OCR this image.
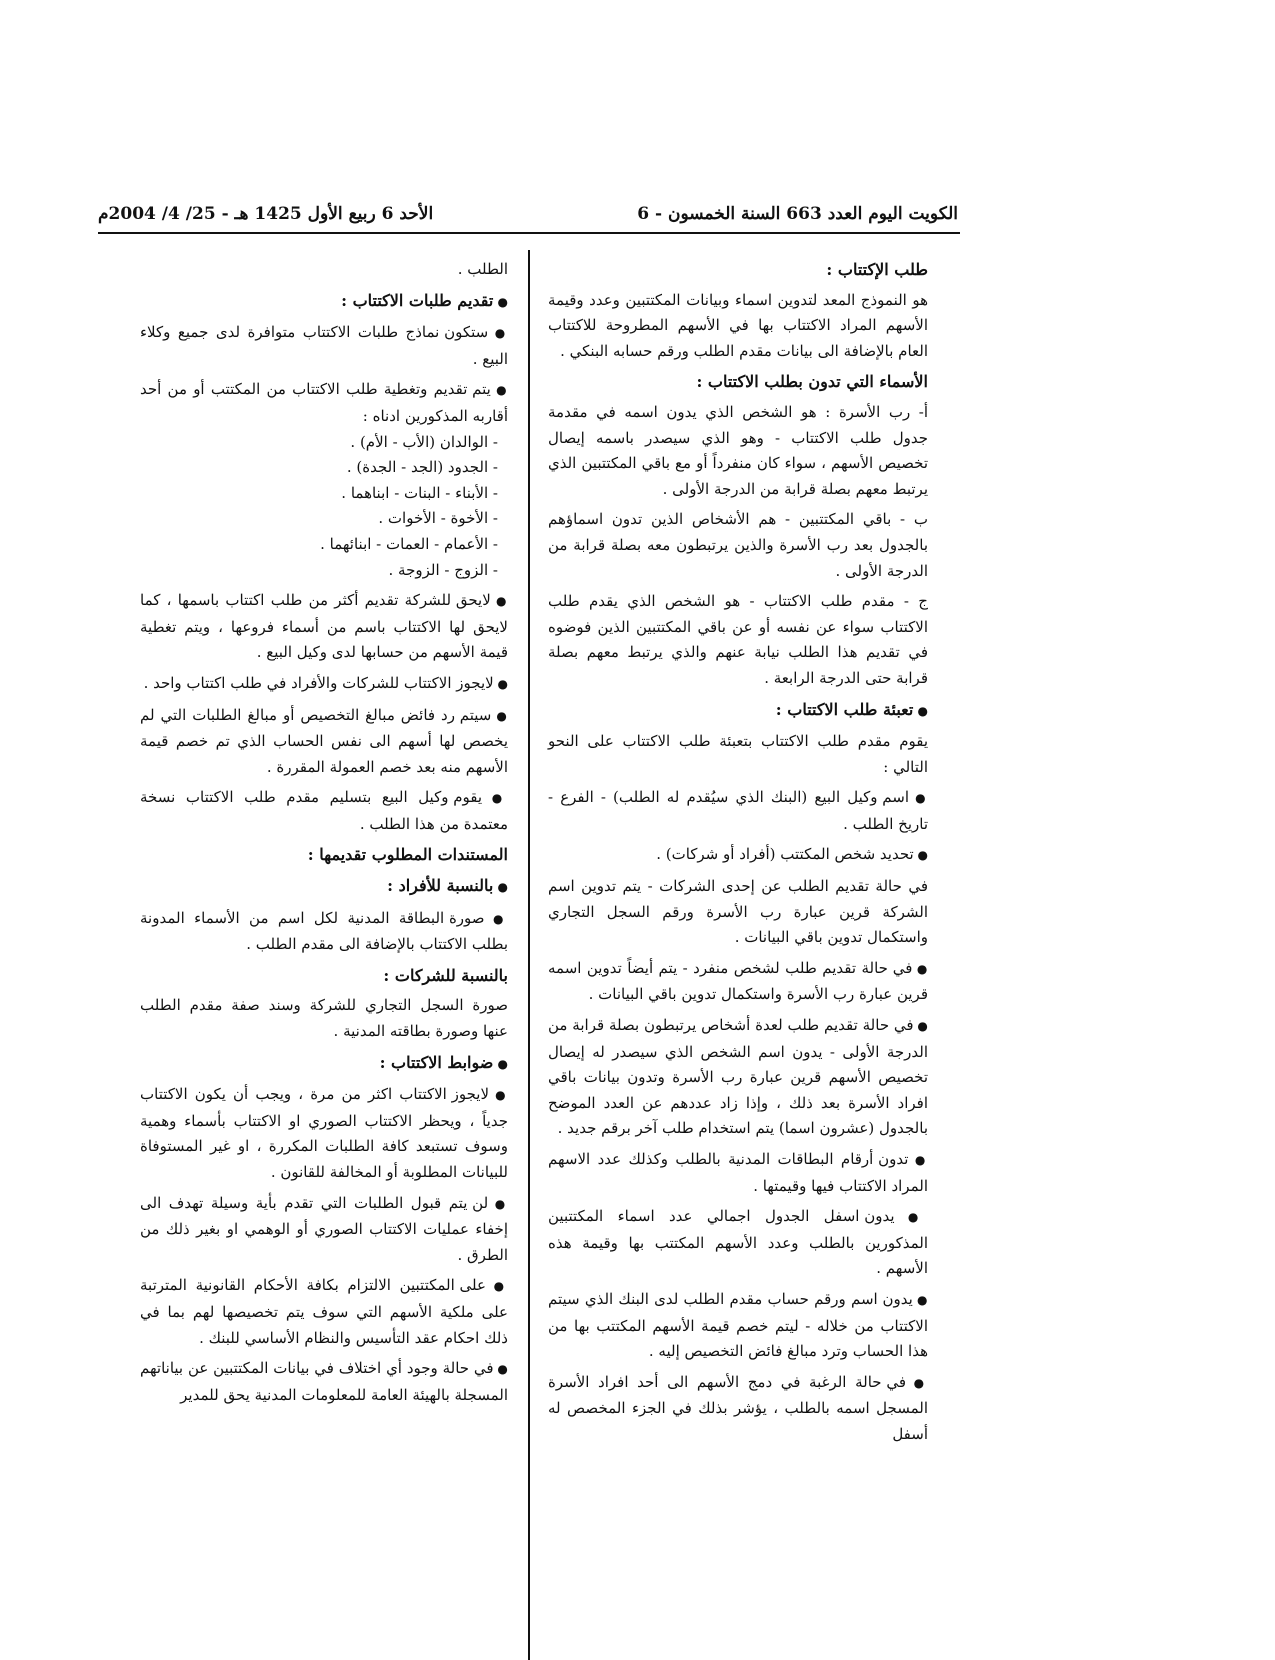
الكويت اليوم العدد 663 السنة الخمسون - 6
الأحد 6 ربيع الأول 1425 هـ - 25/ 4/ 2004م

طلب الإكتتاب :

هو النموذج المعد لتدوين اسماء وبيانات المكتتبين وعدد وقيمة الأسهم المراد الاكتتاب بها في الأسهم المطروحة للاكتتاب العام بالإضافة الى بيانات مقدم الطلب ورقم حسابه البنكي .

الأسماء التي تدون بطلب الاكتتاب :

أ- رب الأسرة : هو الشخص الذي يدون اسمه في مقدمة جدول طلب الاكتتاب - وهو الذي سيصدر باسمه إيصال تخصيص الأسهم ، سواء كان منفرداً أو مع باقي المكتتبين الذي يرتبط معهم بصلة قرابة من الدرجة الأولى .

ب - باقي المكتتبين - هم الأشخاص الذين تدون اسماؤهم بالجدول بعد رب الأسرة والذين يرتبطون معه بصلة قرابة من الدرجة الأولى .

ج - مقدم طلب الاكتتاب - هو الشخص الذي يقدم طلب الاكتتاب سواء عن نفسه أو عن باقي المكتتبين الذين فوضوه في تقديم هذا الطلب نيابة عنهم والذي يرتبط معهم بصلة قرابة حتى الدرجة الرابعة .

● تعبئة طلب الاكتتاب :

يقوم مقدم طلب الاكتتاب بتعبئة طلب الاكتتاب على النحو التالي :

● اسم وكيل البيع (البنك الذي سيُقدم له الطلب) - الفرع - تاريخ الطلب .

● تحديد شخص المكتتب (أفراد أو شركات) .

في حالة تقديم الطلب عن إحدى الشركات - يتم تدوين اسم الشركة قرين عبارة رب الأسرة ورقم السجل التجاري واستكمال تدوين باقي البيانات .

● في حالة تقديم طلب لشخص منفرد - يتم أيضاً تدوين اسمه قرين عبارة رب الأسرة واستكمال تدوين باقي البيانات .

● في حالة تقديم طلب لعدة أشخاص يرتبطون بصلة قرابة من الدرجة الأولى - يدون اسم الشخص الذي سيصدر له إيصال تخصيص الأسهم قرين عبارة رب الأسرة وتدون بيانات باقي افراد الأسرة بعد ذلك ، وإذا زاد عددهم عن العدد الموضح بالجدول (عشرون اسما) يتم استخدام طلب آخر برقم جديد .

● تدون أرقام البطاقات المدنية بالطلب وكذلك عدد الاسهم المراد الاكتتاب فيها وقيمتها .

● يدون اسفل الجدول اجمالي عدد اسماء المكتتبين المذكورين بالطلب وعدد الأسهم المكتتب بها وقيمة هذه الأسهم .

● يدون اسم ورقم حساب مقدم الطلب لدى البنك الذي سيتم الاكتتاب من خلاله - ليتم خصم قيمة الأسهم المكتتب بها من هذا الحساب وترد مبالغ فائض التخصيص إليه .

● في حالة الرغبة في دمج الأسهم الى أحد افراد الأسرة المسجل اسمه بالطلب ، يؤشر بذلك في الجزء المخصص له أسفل

الطلب .

● تقديم طلبات الاكتتاب :

● ستكون نماذج طلبات الاكتتاب متوافرة لدى جميع وكلاء البيع .

● يتم تقديم وتغطية طلب الاكتتاب من المكتتب أو من أحد أقاربه المذكورين ادناه :

- الوالدان (الأب - الأم) .

- الجدود (الجد - الجدة) .

- الأبناء - البنات - ابناهما .

- الأخوة - الأخوات .

- الأعمام - العمات - ابنائهما .

- الزوج - الزوجة .

● لايحق للشركة تقديم أكثر من طلب اكتتاب باسمها ، كما لايحق لها الاكتتاب باسم من أسماء فروعها ، ويتم تغطية قيمة الأسهم من حسابها لدى وكيل البيع .

● لايجوز الاكتتاب للشركات والأفراد في طلب اكتتاب واحد .

● سيتم رد فائض مبالغ التخصيص أو مبالغ الطلبات التي لم يخصص لها أسهم الى نفس الحساب الذي تم خصم قيمة الأسهم منه بعد خصم العمولة المقررة .

● يقوم وكيل البيع بتسليم مقدم طلب الاكتتاب نسخة معتمدة من هذا الطلب .

المستندات المطلوب تقديمها :

● بالنسبة للأفراد :

● صورة البطاقة المدنية لكل اسم من الأسماء المدونة بطلب الاكتتاب بالإضافة الى مقدم الطلب .

بالنسبة للشركات :

صورة السجل التجاري للشركة وسند صفة مقدم الطلب عنها وصورة بطاقته المدنية .

● ضوابط الاكتتاب :

● لايجوز الاكتتاب اكثر من مرة ، ويجب أن يكون الاكتتاب جدياً ، ويحظر الاكتتاب الصوري او الاكتتاب بأسماء وهمية وسوف تستبعد كافة الطلبات المكررة ، او غير المستوفاة للبيانات المطلوبة أو المخالفة للقانون .

● لن يتم قبول الطلبات التي تقدم بأية وسيلة تهدف الى إخفاء عمليات الاكتتاب الصوري أو الوهمي او بغير ذلك من الطرق .

● على المكتتبين الالتزام بكافة الأحكام القانونية المترتبة على ملكية الأسهم التي سوف يتم تخصيصها لهم بما في ذلك احكام عقد التأسيس والنظام الأساسي للبنك .

● في حالة وجود أي اختلاف في بيانات المكتتبين عن بياناتهم المسجلة بالهيئة العامة للمعلومات المدنية يحق للمدير
